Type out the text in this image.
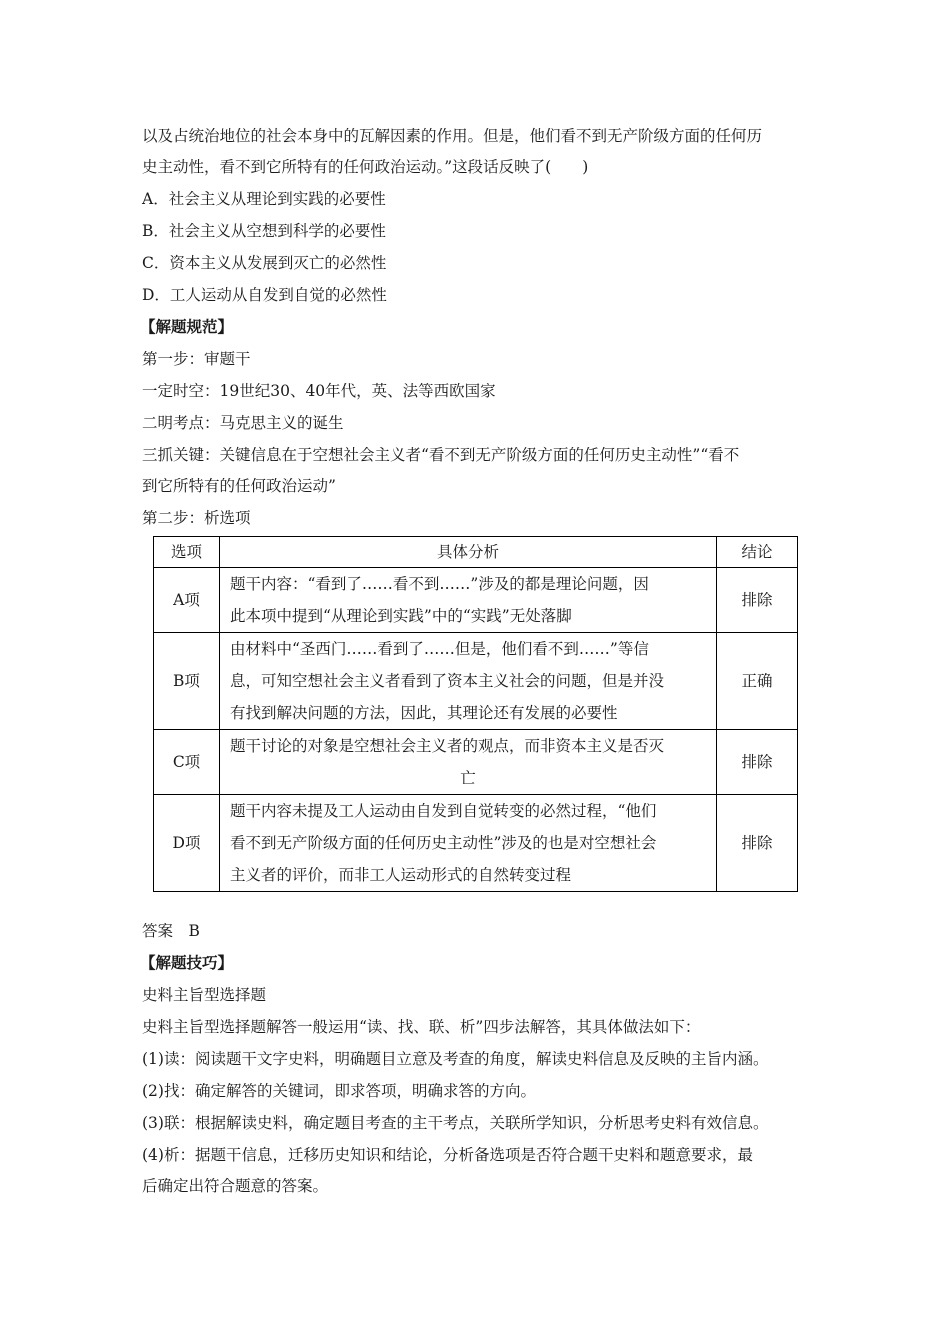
以及占统治地位的社会本身中的瓦解因素的作用。但是，他们看不到无产阶级方面的任何历
史主动性，看不到它所特有的任何政治运动。”这段话反映了(　　)
A．社会主义从理论到实践的必要性
B．社会主义从空想到科学的必要性
C．资本主义从发展到灭亡的必然性
D．工人运动从自发到自觉的必然性
【解题规范】
第一步：审题干
一定时空：19世纪30、40年代，英、法等西欧国家
二明考点：马克思主义的诞生
三抓关键：关键信息在于空想社会主义者“看不到无产阶级方面的任何历史主动性”“看不
到它所特有的任何政治运动”
第二步：析选项
选项	具体分析	结论
A项	题干内容：“看到了……看不到……”涉及的都是理论问题，因
此本项中提到“从理论到实践”中的“实践”无处落脚	排除
B项	由材料中“圣西门……看到了……但是，他们看不到……”等信
息，可知空想社会主义者看到了资本主义社会的问题，但是并没
有找到解决问题的方法，因此，其理论还有发展的必要性	正确
C项	题干讨论的对象是空想社会主义者的观点，而非资本主义是否灭
亡	排除
D项	题干内容未提及工人运动由自发到自觉转变的必然过程，“他们
看不到无产阶级方面的任何历史主动性”涉及的也是对空想社会
主义者的评价，而非工人运动形式的自然转变过程	排除
答案　B
【解题技巧】
史料主旨型选择题
史料主旨型选择题解答一般运用“读、找、联、析”四步法解答，其具体做法如下：
(1)读：阅读题干文字史料，明确题目立意及考查的角度，解读史料信息及反映的主旨内涵。
(2)找：确定解答的关键词，即求答项，明确求答的方向。
(3)联：根据解读史料，确定题目考查的主干考点，关联所学知识，分析思考史料有效信息。
(4)析：据题干信息，迁移历史知识和结论，分析备选项是否符合题干史料和题意要求，最
后确定出符合题意的答案。
